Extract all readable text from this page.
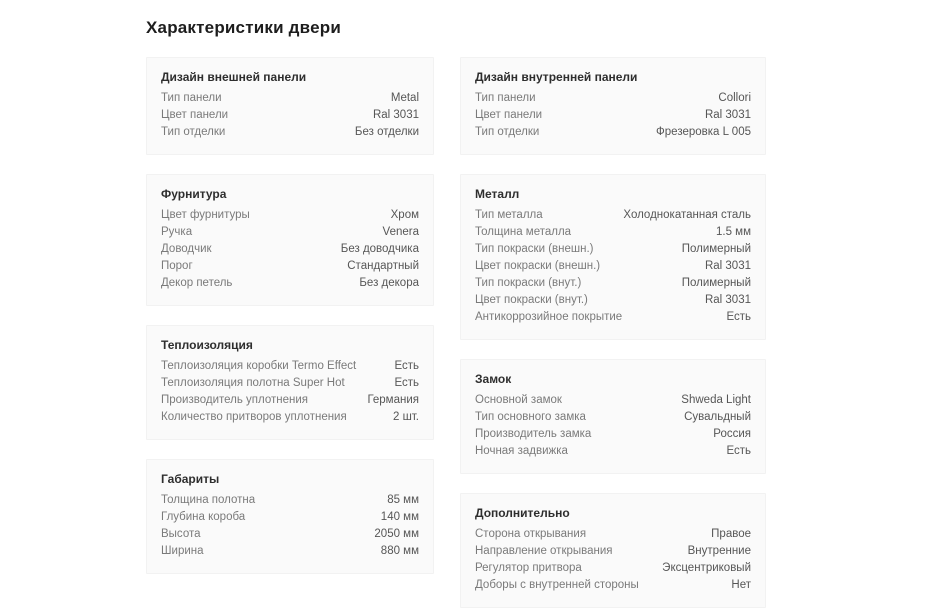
Характеристики двери
Дизайн внешней панели
Тип панели	Metal
Цвет панели	Ral 3031
Тип отделки	Без отделки
Фурнитура
Цвет фурнитуры	Хром
Ручка	Venera
Доводчик	Без доводчика
Порог	Стандартный
Декор петель	Без декора
Теплоизоляция
Теплоизоляция коробки Termo Effect	Есть
Теплоизоляция полотна Super Hot	Есть
Производитель уплотнения	Германия
Количество притворов уплотнения	2 шт.
Габариты
Толщина полотна	85 мм
Глубина короба	140 мм
Высота	2050 мм
Ширина	880 мм
Дизайн внутренней панели
Тип панели	Collori
Цвет панели	Ral 3031
Тип отделки	Фрезеровка L 005
Металл
Тип металла	Холоднокатанная сталь
Толщина металла	1.5 мм
Тип покраски (внешн.)	Полимерный
Цвет покраски (внешн.)	Ral 3031
Тип покраски (внут.)	Полимерный
Цвет покраски (внут.)	Ral 3031
Антикоррозийное покрытие	Есть
Замок
Основной замок	Shweda Light
Тип основного замка	Сувальдный
Производитель замка	Россия
Ночная задвижка	Есть
Дополнительно
Сторона открывания	Правое
Направление открывания	Внутренние
Регулятор притвора	Эксцентриковый
Доборы с внутренней стороны	Нет
